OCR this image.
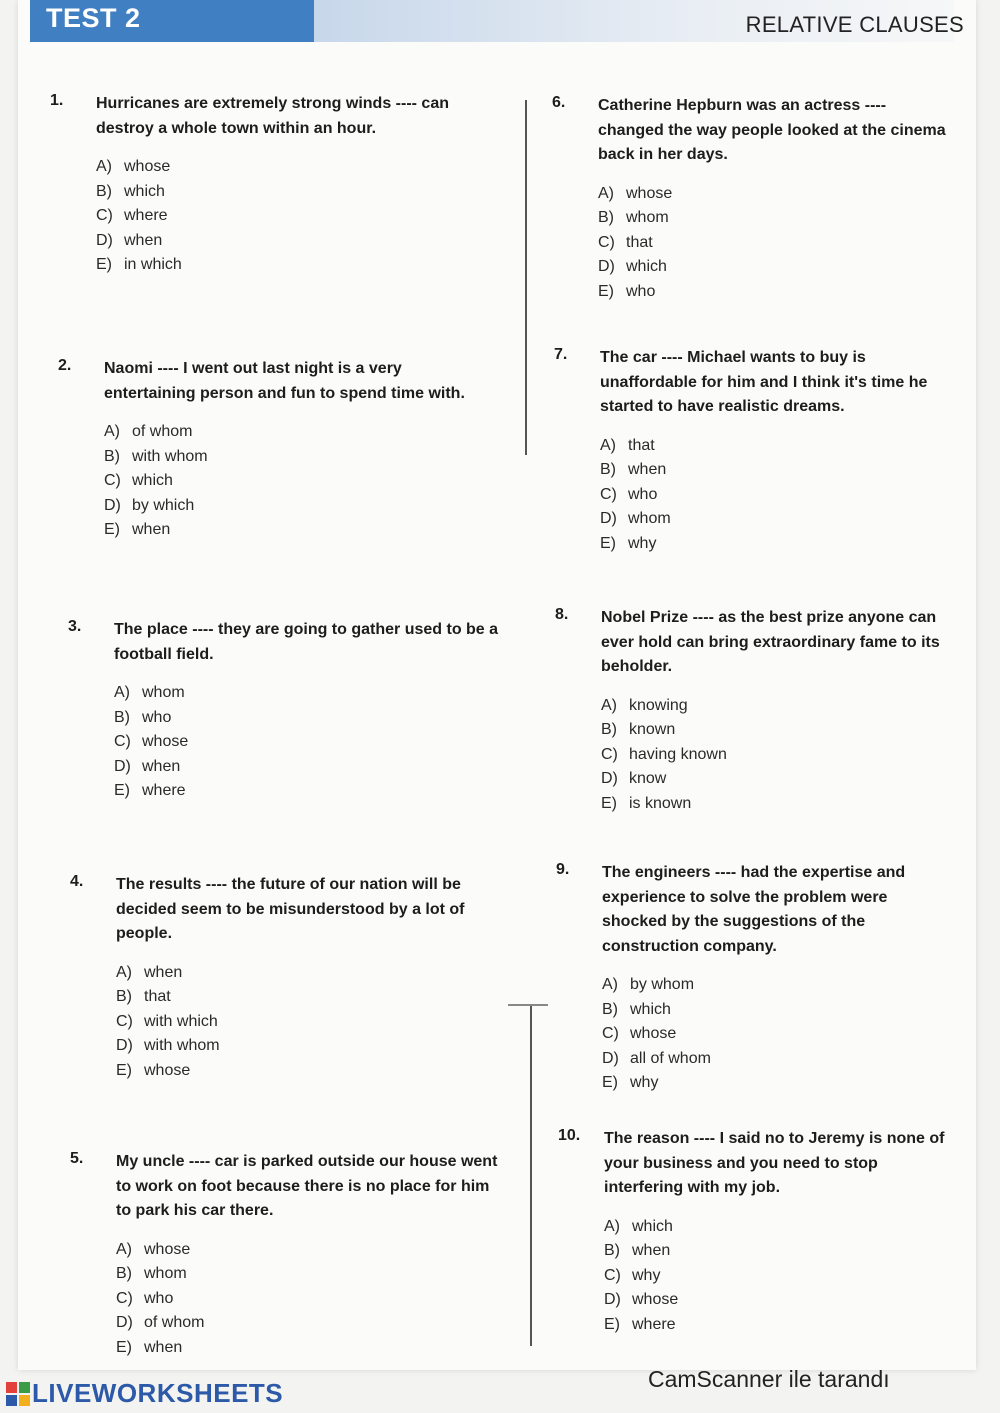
TEST 2	RELATIVE CLAUSES
1. Hurricanes are extremely strong winds ---- can destroy a whole town within an hour.
A) whose
B) which
C) where
D) when
E) in which
2. Naomi ---- I went out last night is a very entertaining person and fun to spend time with.
A) of whom
B) with whom
C) which
D) by which
E) when
3. The place ---- they are going to gather used to be a football field.
A) whom
B) who
C) whose
D) when
E) where
4. The results ---- the future of our nation will be decided seem to be misunderstood by a lot of people.
A) when
B) that
C) with which
D) with whom
E) whose
5. My uncle ---- car is parked outside our house went to work on foot because there is no place for him to park his car there.
A) whose
B) whom
C) who
D) of whom
E) when
6. Catherine Hepburn was an actress ---- changed the way people looked at the cinema back in her days.
A) whose
B) whom
C) that
D) which
E) who
7. The car ---- Michael wants to buy is unaffordable for him and I think it's time he started to have realistic dreams.
A) that
B) when
C) who
D) whom
E) why
8. Nobel Prize ---- as the best prize anyone can ever hold can bring extraordinary fame to its beholder.
A) knowing
B) known
C) having known
D) know
E) is known
9. The engineers ---- had the expertise and experience to solve the problem were shocked by the suggestions of the construction company.
A) by whom
B) which
C) whose
D) all of whom
E) why
10. The reason ---- I said no to Jeremy is none of your business and you need to stop interfering with my job.
A) which
B) when
C) why
D) whose
E) where
LIVEWORKSHEETS	CamScanner ile tarandı
